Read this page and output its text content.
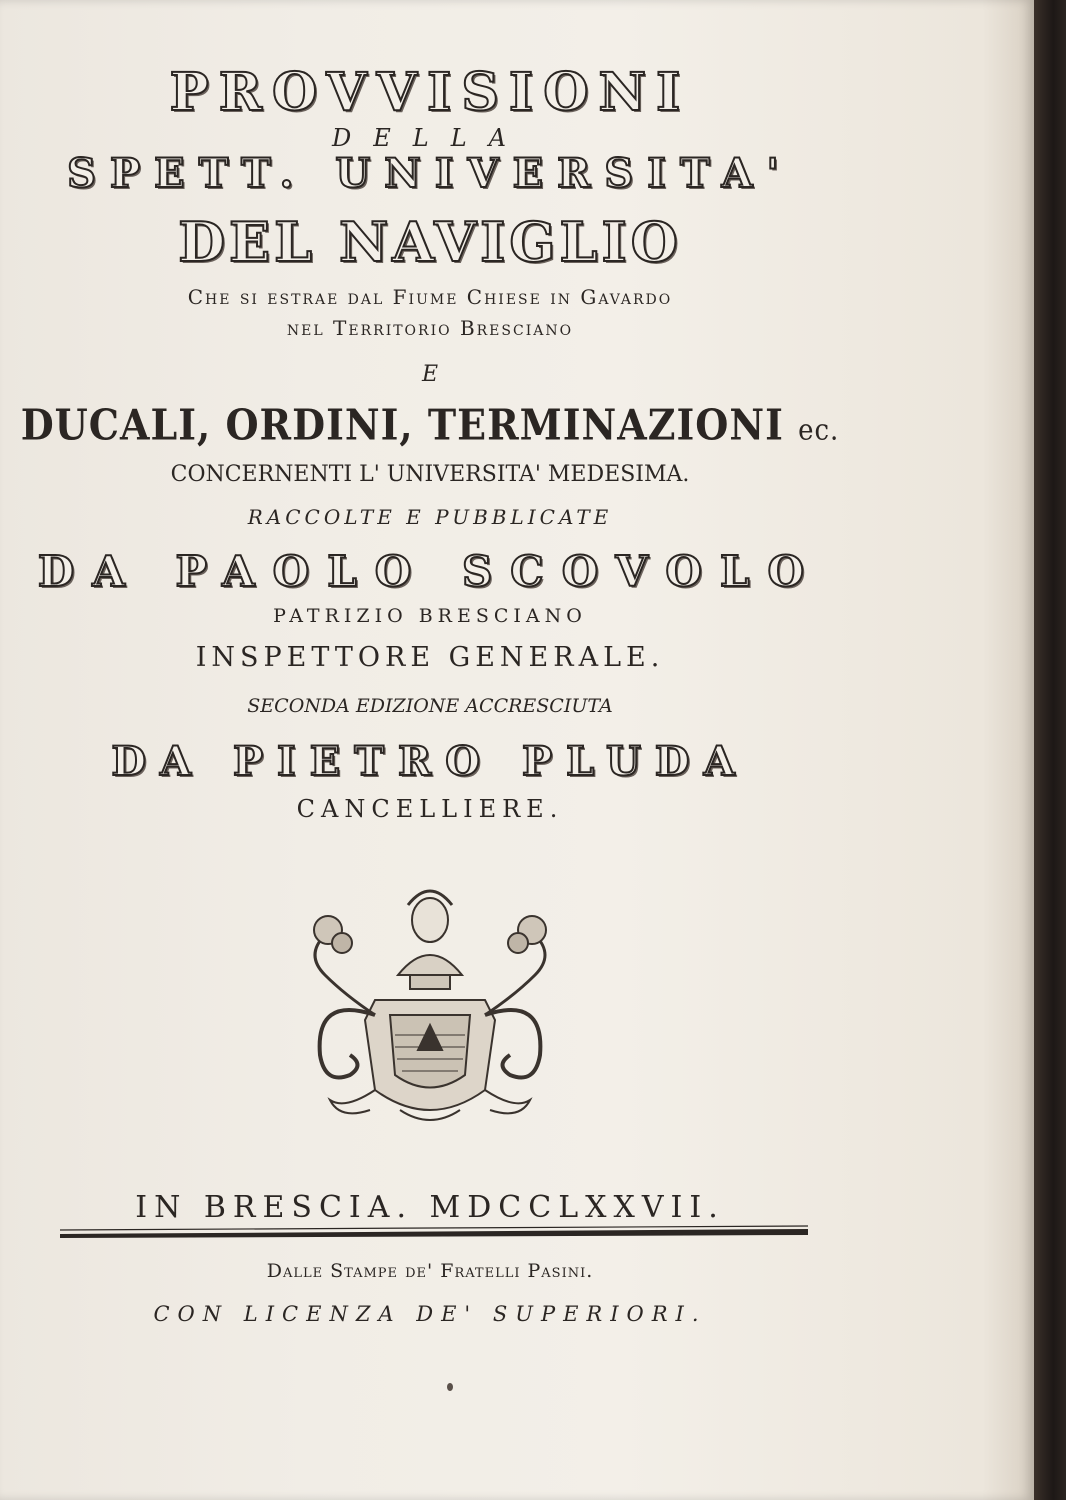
PROVVISIONI
DELLA
SPETT. UNIVERSITA'
DEL NAVIGLIO
Che si estrae dal Fiume Chiese in Gavardo
nel Territorio Bresciano
E
DUCALI, ORDINI, TERMINAZIONI ec.
CONCERNENTI L' UNIVERSITA' MEDESIMA.
RACCOLTE E PUBBLICATE
DA PAOLO SCOVOLO
PATRIZIO BRESCIANO
INSPETTORE GENERALE.
SECONDA EDIZIONE ACCRESCIUTA
DA PIETRO PLUDA
CANCELLIERE.
IN BRESCIA. MDCCLXXVII.
Dalle Stampe de' Fratelli Pasini.
CON LICENZA DE' SUPERIORI.
